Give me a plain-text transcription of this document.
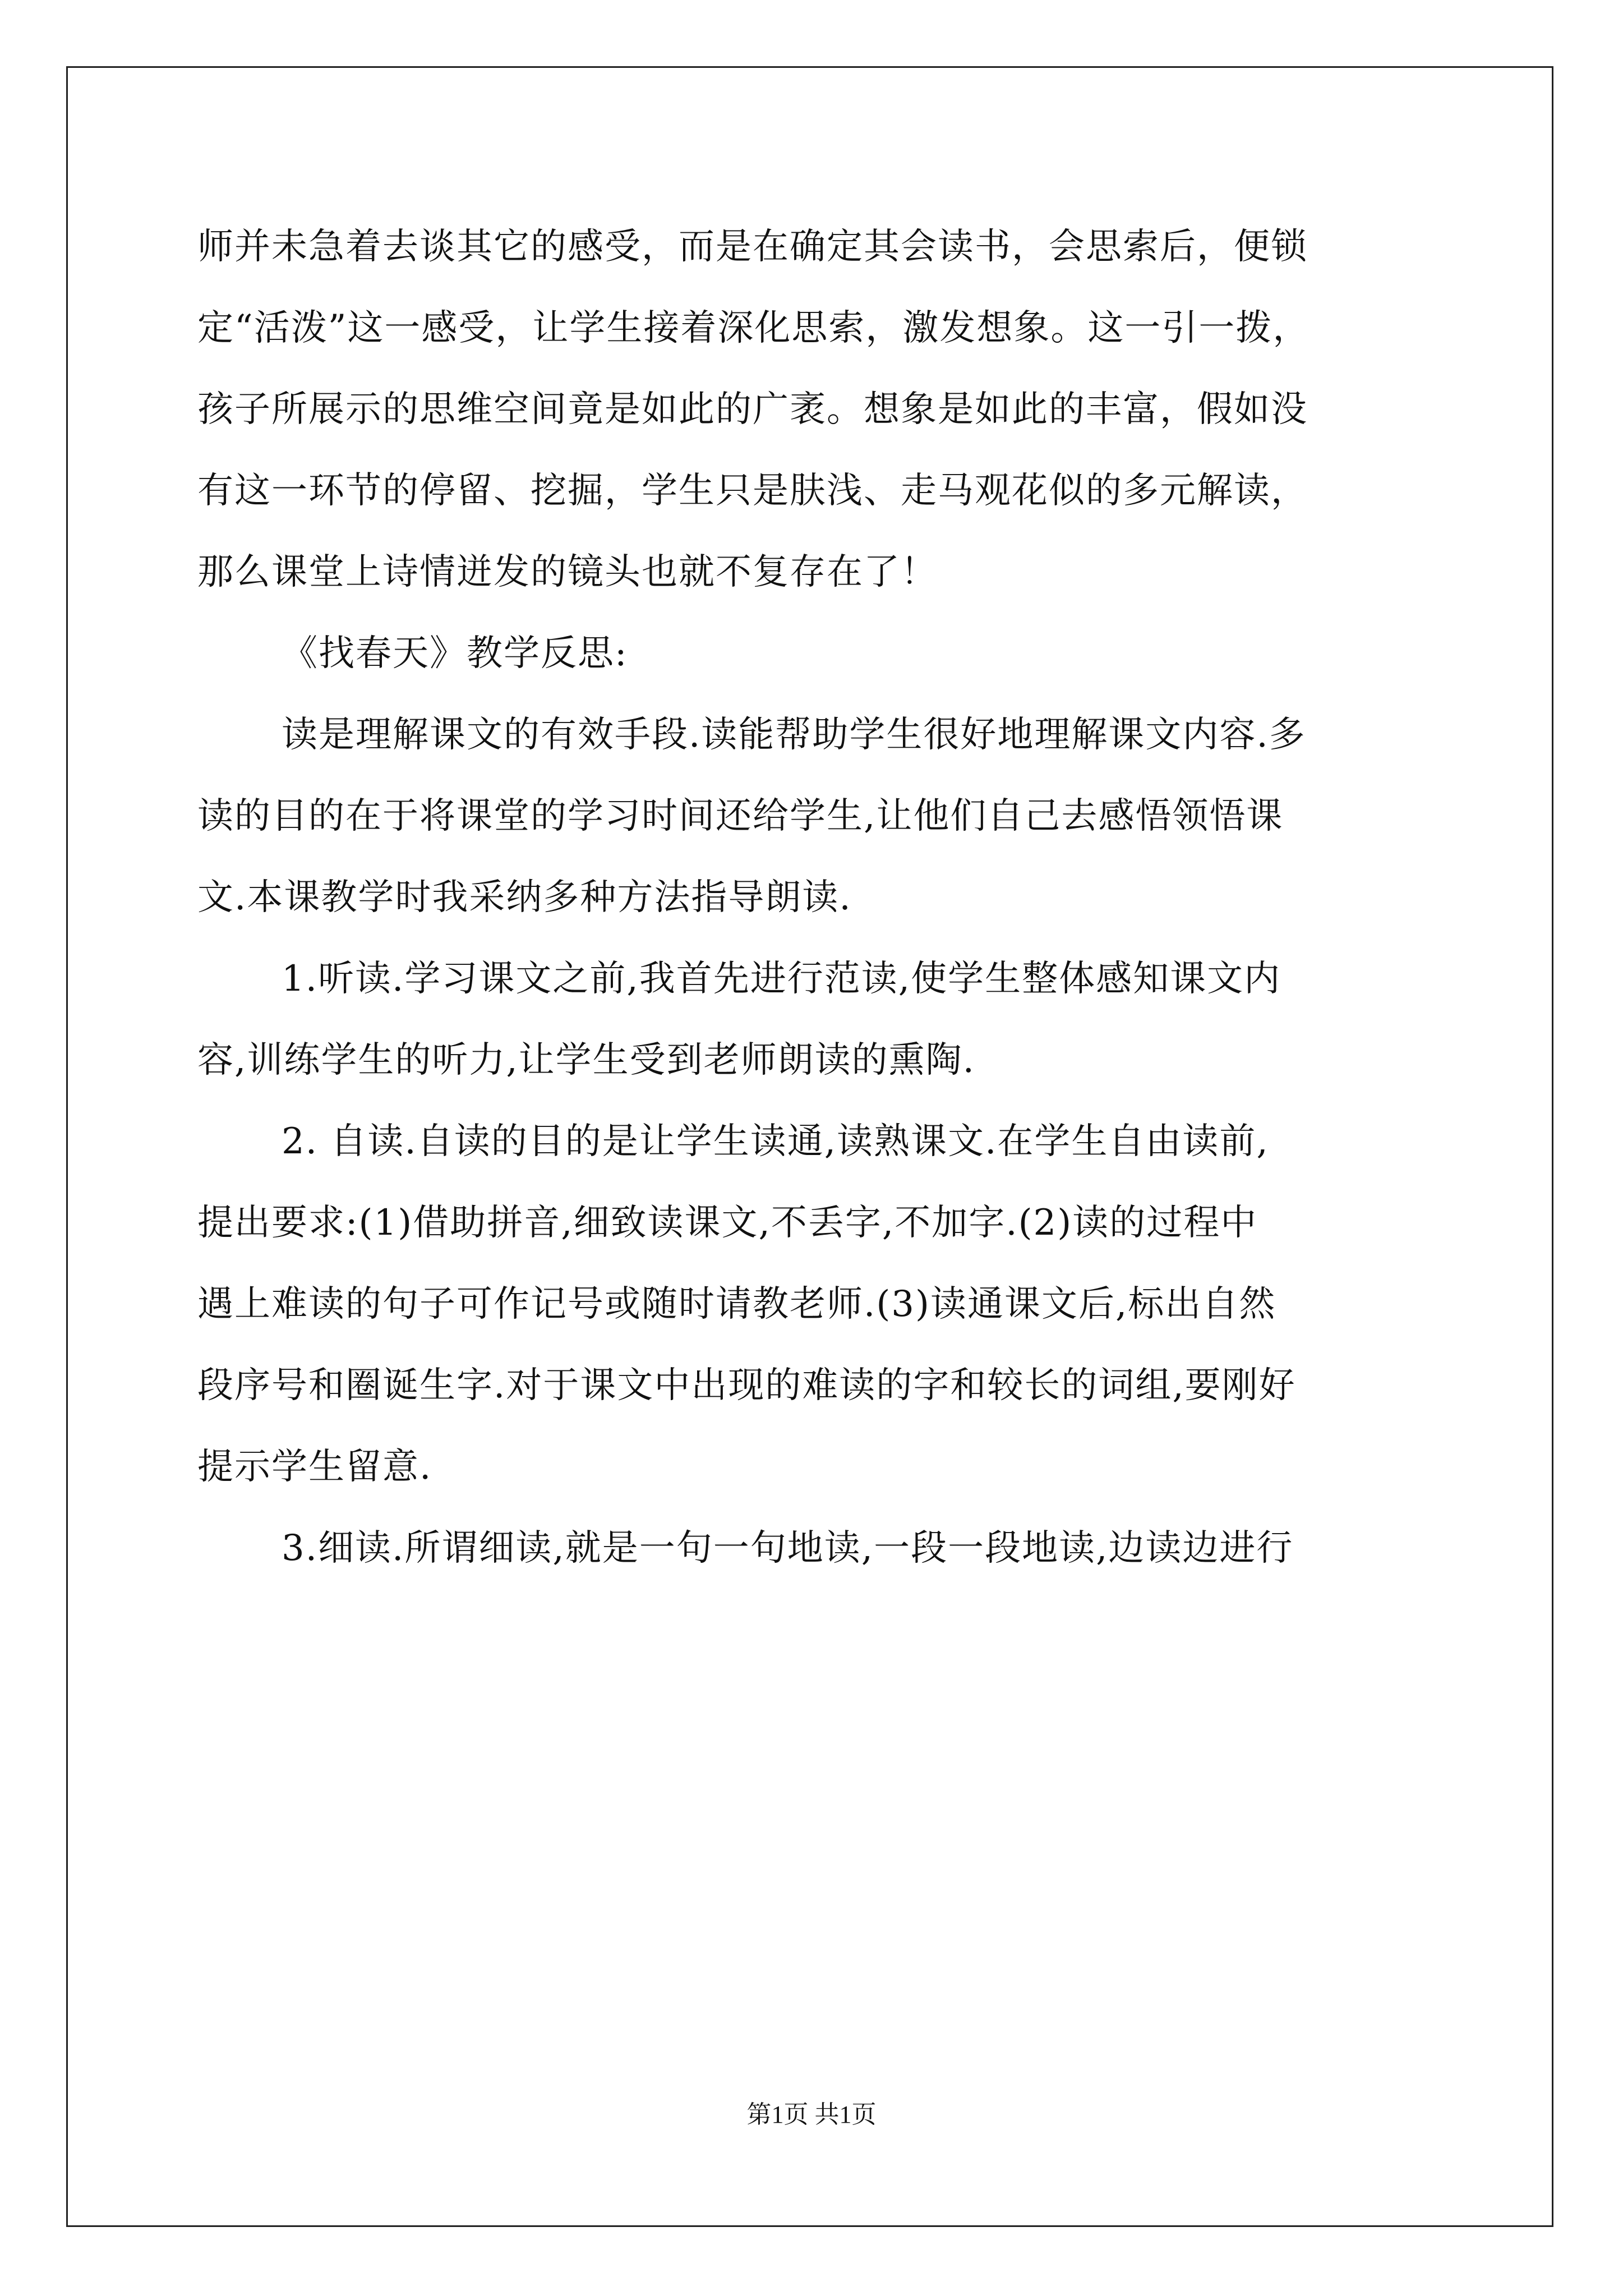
师并未急着去谈其它的感受，而是在确定其会读书，会思索后，便锁
定“活泼”这一感受，让学生接着深化思索，激发想象。这一引一拨，
孩子所展示的思维空间竟是如此的广袤。想象是如此的丰富，假如没
有这一环节的停留、挖掘，学生只是肤浅、走马观花似的多元解读，
那么课堂上诗情迸发的镜头也就不复存在了！
《找春天》教学反思:
读是理解课文的有效手段.读能帮助学生很好地理解课文内容.多
读的目的在于将课堂的学习时间还给学生,让他们自己去感悟领悟课
文.本课教学时我采纳多种方法指导朗读.
1.听读.学习课文之前,我首先进行范读,使学生整体感知课文内
容,训练学生的听力,让学生受到老师朗读的熏陶.
2. 自读.自读的目的是让学生读通,读熟课文.在学生自由读前,
提出要求:(1)借助拼音,细致读课文,不丢字,不加字.(2)读的过程中
遇上难读的句子可作记号或随时请教老师.(3)读通课文后,标出自然
段序号和圈诞生字.对于课文中出现的难读的字和较长的词组,要刚好
提示学生留意.
3.细读.所谓细读,就是一句一句地读,一段一段地读,边读边进行
第1页 共1页
